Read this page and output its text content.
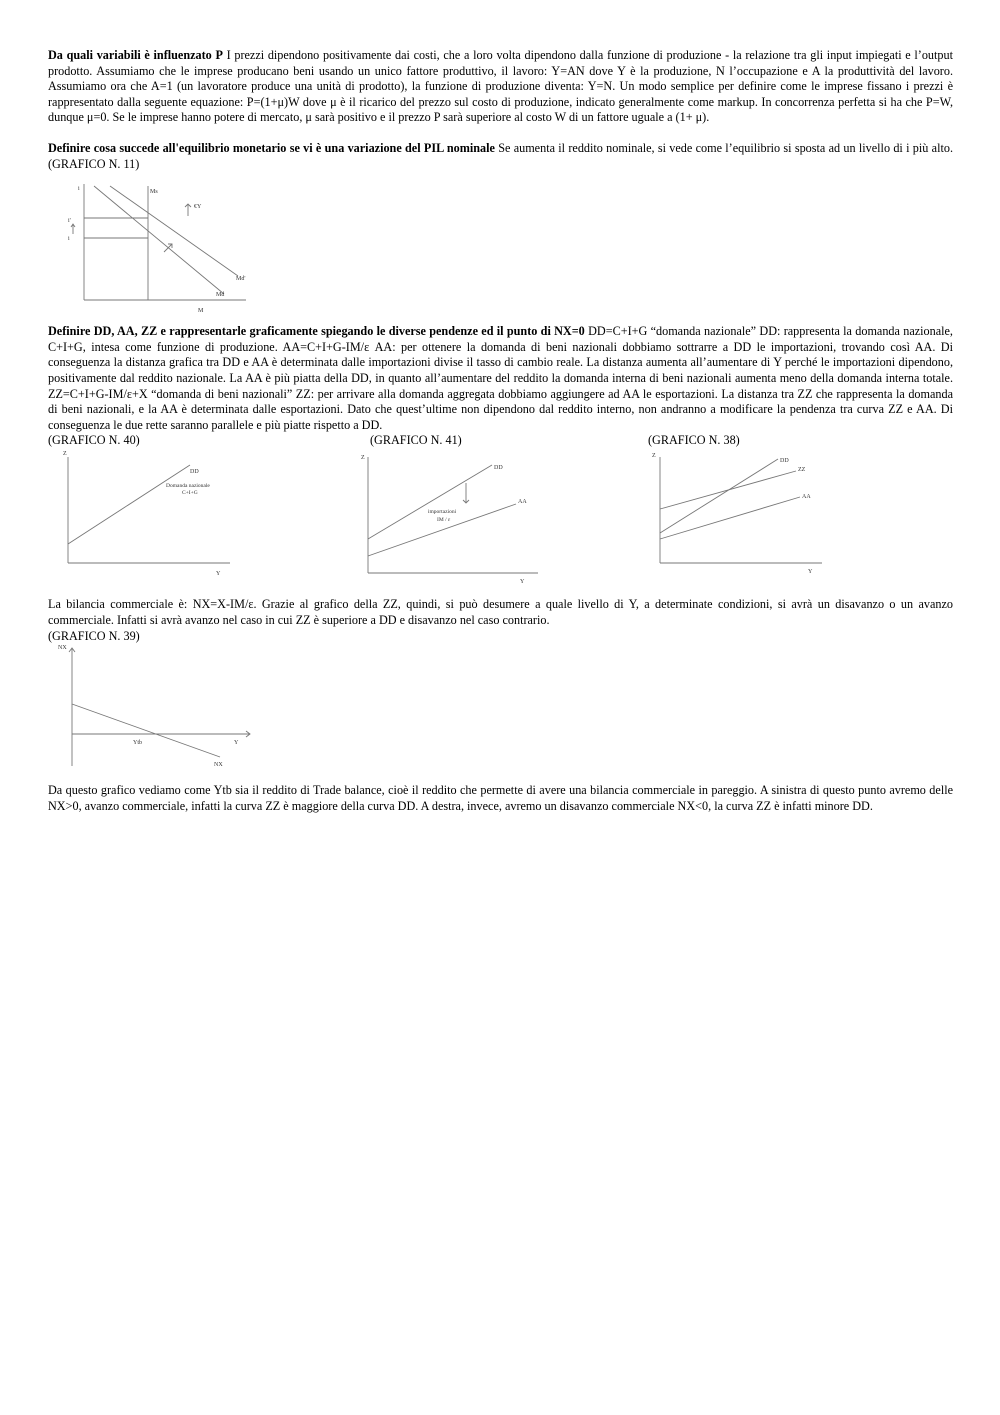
Da quali variabili è influenzato P I prezzi dipendono positivamente dai costi, che a loro volta dipendono dalla funzione di produzione - la relazione tra gli input impiegati e l’output prodotto. Assumiamo che le imprese producano beni usando un unico fattore produttivo, il lavoro: Y=AN dove Y è la produzione, N l’occupazione e A la produttività del lavoro. Assumiamo ora che A=1 (un lavoratore produce una unità di prodotto), la funzione di produzione diventa: Y=N. Un modo semplice per definire come le imprese fissano i prezzi è rappresentato dalla seguente equazione: P=(1+μ)W dove μ è il ricarico del prezzo sul costo di produzione, indicato generalmente come markup. In concorrenza perfetta si ha che P=W, dunque μ=0. Se le imprese hanno potere di mercato, μ sarà positivo e il prezzo P sarà superiore al costo W di un fattore uguale a (1+ μ).

Definire cosa succede all'equilibrio monetario se vi è una variazione del PIL nominale Se aumenta il reddito nominale, si vede come l’equilibrio si sposta ad un livello di i più alto. (GRAFICO N. 11)

i	Ms
€Y
i'
i
Md'
Md
M

Definire DD, AA, ZZ e rappresentarle graficamente spiegando le diverse pendenze ed il punto di NX=0 DD=C+I+G “domanda nazionale” DD: rappresenta la domanda nazionale, C+I+G, intesa come funzione di produzione. AA=C+I+G-IM/ε AA: per ottenere la domanda di beni nazionali dobbiamo sottrarre a DD le importazioni, trovando così AA. Di conseguenza la distanza grafica tra DD e AA è determinata dalle importazioni divise il tasso di cambio reale. La distanza aumenta all’aumentare di Y perché le importazioni dipendono, positivamente dal reddito nazionale. La AA è più piatta della DD, in quanto all’aumentare del reddito la domanda interna di beni nazionali aumenta meno della domanda interna totale. ZZ=C+I+G-IM/ε+X “domanda di beni nazionali” ZZ: per arrivare alla domanda aggregata dobbiamo aggiungere ad AA le esportazioni. La distanza tra ZZ che rappresenta la domanda di beni nazionali, e la AA è determinata dalle esportazioni. Dato che quest’ultime non dipendono dal reddito interno, non andranno a modificare la pendenza tra curva ZZ e AA. Di conseguenza le due rette saranno parallele e più piatte rispetto a DD.

(GRAFICO N. 40)	(GRAFICO N. 41)	(GRAFICO N. 38)
Z
DD
Domanda nazionale
C+I+G
Y
Z
DD
AA
importazioni
IM / ε
Y
Z
DD
ZZ
AA
Y

La bilancia commerciale è: NX=X-IM/ε. Grazie al grafico della ZZ, quindi, si può desumere a quale livello di Y, a determinate condizioni, si avrà un disavanzo o un avanzo commerciale. Infatti si avrà avanzo nel caso in cui ZZ è superiore a DD e disavanzo nel caso contrario.

(GRAFICO N. 39)
NX
Ytb	Y
NX

Da questo grafico vediamo come Ytb sia il reddito di Trade balance, cioè il reddito che permette di avere una bilancia commerciale in pareggio. A sinistra di questo punto avremo delle NX>0, avanzo commerciale, infatti la curva ZZ è maggiore della curva DD. A destra, invece, avremo un disavanzo commerciale NX<0, la curva ZZ è infatti minore DD.
